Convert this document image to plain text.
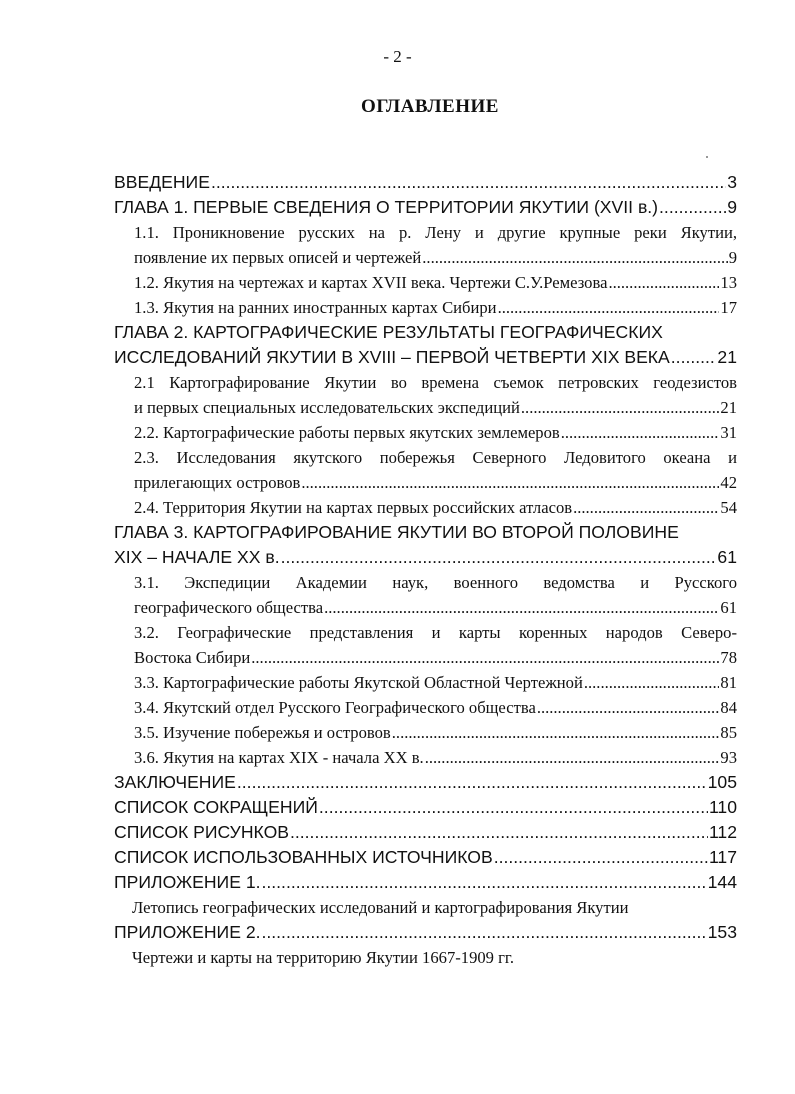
- 2 -
ОГЛАВЛЕНИЕ
ВВЕДЕНИЕ .....	3
ГЛАВА 1. ПЕРВЫЕ СВЕДЕНИЯ О ТЕРРИТОРИИ ЯКУТИИ (XVII в.) .....	9
1.1. Проникновение русских на р. Лену и другие крупные реки Якутии,
появление их первых описей и чертежей .....	9
1.2. Якутия на чертежах и картах XVII века. Чертежи С.У.Ремезова .....	13
1.3. Якутия на ранних иностранных картах Сибири .....	17
ГЛАВА 2. КАРТОГРАФИЧЕСКИЕ РЕЗУЛЬТАТЫ ГЕОГРАФИЧЕСКИХ
ИССЛЕДОВАНИЙ ЯКУТИИ В XVIII – ПЕРВОЙ ЧЕТВЕРТИ XIX ВЕКА .....	21
2.1 Картографирование Якутии во времена съемок петровских геодезистов
и первых специальных исследовательских экспедиций .....	21
2.2. Картографические работы первых якутских землемеров .....	31
2.3. Исследования якутского побережья Северного Ледовитого океана и
прилегающих островов .....	42
2.4. Территория Якутии на картах первых российских атласов .....	54
ГЛАВА 3. КАРТОГРАФИРОВАНИЕ ЯКУТИИ ВО ВТОРОЙ ПОЛОВИНЕ
XIX – НАЧАЛЕ XX в. .....	61
3.1. Экспедиции Академии наук, военного ведомства и Русского
географического общества .....	61
3.2. Географические представления и карты коренных народов Северо-
Востока Сибири .....	78
3.3. Картографические работы Якутской Областной Чертежной .....	81
3.4. Якутский отдел Русского Географического общества .....	84
3.5. Изучение побережья и островов .....	85
3.6. Якутия на картах XIX - начала XX в. .....	93
ЗАКЛЮЧЕНИЕ .....	105
СПИСОК СОКРАЩЕНИЙ .....	110
СПИСОК РИСУНКОВ .....	112
СПИСОК ИСПОЛЬЗОВАННЫХ ИСТОЧНИКОВ .....	117
ПРИЛОЖЕНИЕ 1. .....	144
Летопись географических исследований и картографирования Якутии
ПРИЛОЖЕНИЕ 2. .....	153
Чертежи и карты на территорию Якутии 1667-1909 гг.
